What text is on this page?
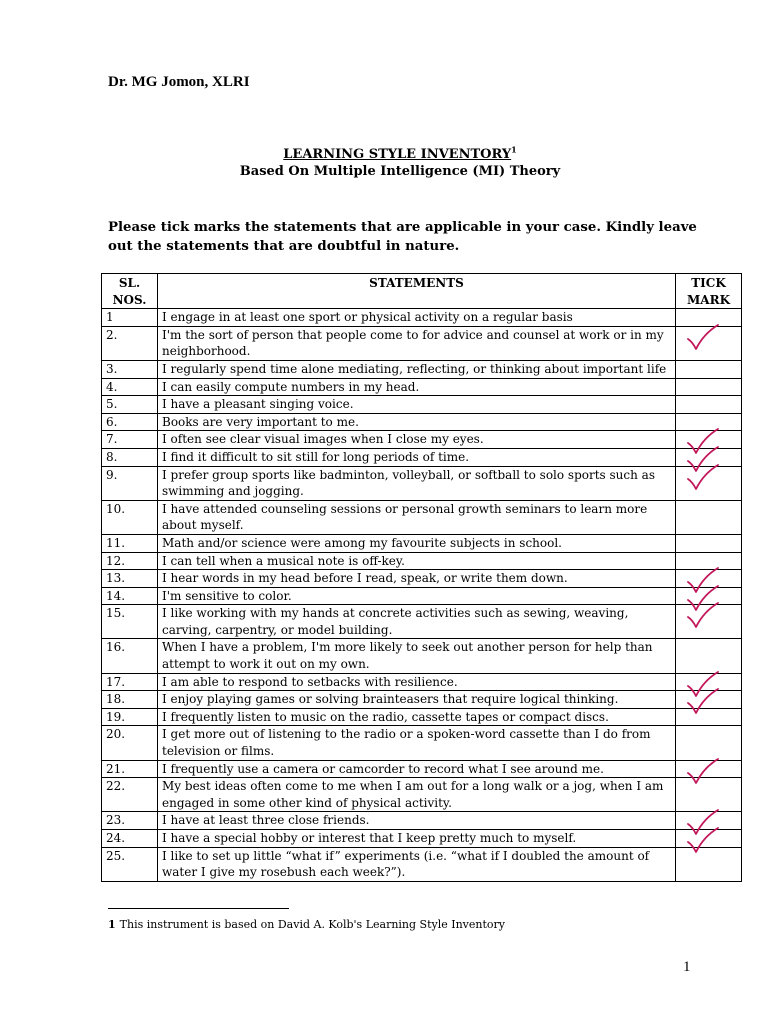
Dr. MG Jomon, XLRI
LEARNING STYLE INVENTORY$^1$
Based On Multiple Intelligence (MI) Theory
Please tick marks the statements that are applicable in your case. Kindly leave out the statements that are doubtful in nature.
SL. NOS.	STATEMENTS	TICK MARK
1	I engage in at least one sport or physical activity on a regular basis	
2.	I'm the sort of person that people come to for advice and counsel at work or in my neighborhood.	

3.	I regularly spend time alone mediating, reflecting, or thinking about important life	
4.	I can easily compute numbers in my head.	
5.	I have a pleasant singing voice.	
6.	Books are very important to me.	
7.	I often see clear visual images when I close my eyes.	

8.	I find it difficult to sit still for long periods of time.	

9.	I prefer group sports like badminton, volleyball, or softball to solo sports such as swimming and jogging.	

10.	I have attended counseling sessions or personal growth seminars to learn more about myself.	
11.	Math and/or science were among my favourite subjects in school.	
12.	I can tell when a musical note is off-key.	
13.	I hear words in my head before I read, speak, or write them down.	

14.	I'm sensitive to color.	

15.	I like working with my hands at concrete activities such as sewing, weaving, carving, carpentry, or model building.	

16.	When I have a problem, I'm more likely to seek out another person for help than attempt to work it out on my own.	
17.	I am able to respond to setbacks with resilience.	

18.	I enjoy playing games or solving brainteasers that require logical thinking.	

19.	I frequently listen to music on the radio, cassette tapes or compact discs.	
20.	I get more out of listening to the radio or a spoken-word cassette than I do from television or films.	
21.	I frequently use a camera or camcorder to record what I see around me.	

22.	My best ideas often come to me when I am out for a long walk or a jog, when I am engaged in some other kind of physical activity.	
23.	I have at least three close friends.	

24.	I have a special hobby or interest that I keep pretty much to myself.	

25.	I like to set up little “what if” experiments (i.e. “what if I doubled the amount of water I give my rosebush each week?”).	
1 This instrument is based on David A. Kolb's Learning Style Inventory
1
